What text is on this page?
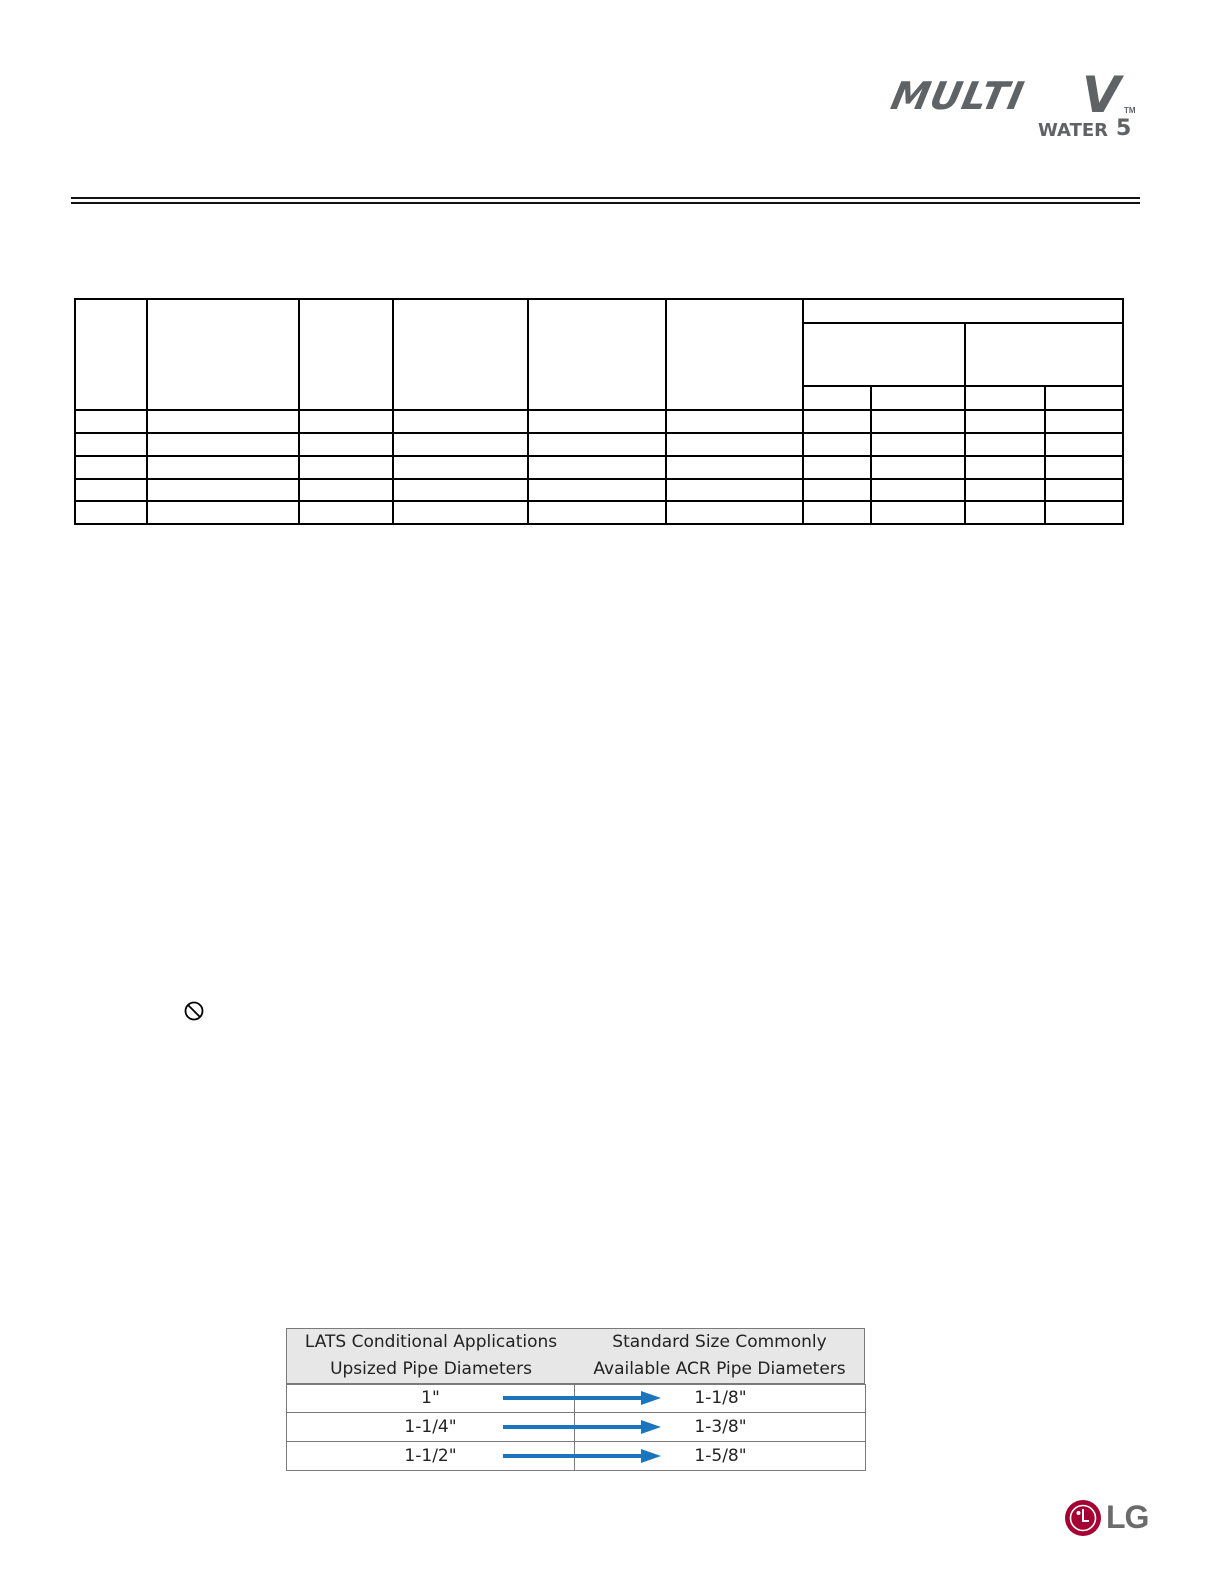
MULTI V TM
WATER 5
LATS Conditional Applications
Upsized Pipe Diameters
Standard Size Commonly
Available ACR Pipe Diameters
1"	1-1/8"
1-1/4"	1-3/8"
1-1/2"	1-5/8"
LG
